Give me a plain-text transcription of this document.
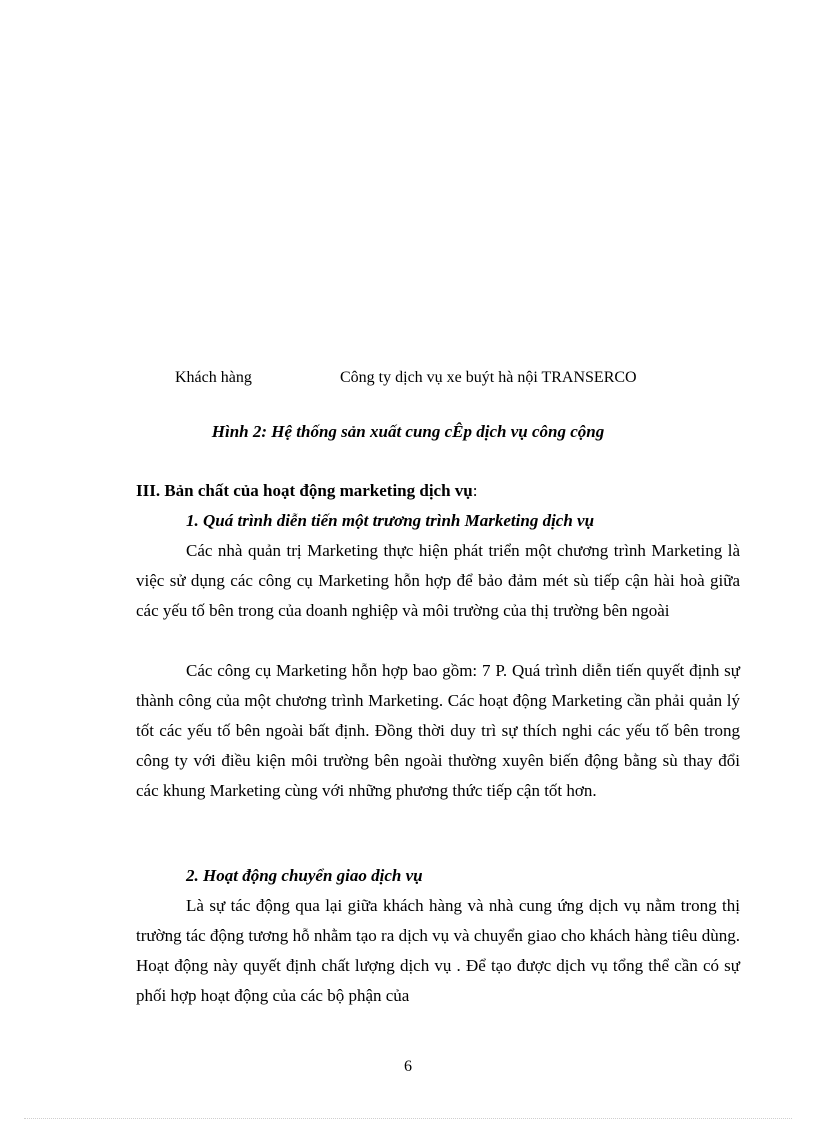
Khách hàng	Công ty dịch vụ xe buýt hà nội TRANSERCO
Hình 2: Hệ thống sản xuất cung cÊp dịch vụ công cộng
III. Bản chất của hoạt động marketing dịch vụ:
1. Quá trình diễn tiến một trương trình Marketing dịch vụ

Các nhà quản trị Marketing thực hiện phát triển một chương trình Marketing là việc sử dụng các công cụ Marketing hỗn hợp để bảo đảm mét sù tiếp cận hài hoà giữa các yếu tố bên trong của doanh nghiệp và môi trường của thị trường bên ngoài

Các công cụ Marketing hỗn hợp bao gồm: 7 P. Quá trình diễn tiến quyết định sự thành công của một chương trình Marketing. Các hoạt động Marketing cần phải quản lý tốt các yếu tố bên ngoài bất định. Đồng thời duy trì sự thích nghi các yếu tố bên trong công ty với điều kiện môi trường bên ngoài thường xuyên biến động bằng sù thay đổi các khung Marketing cùng với những phương thức tiếp cận tốt hơn.

2. Hoạt động chuyển giao dịch vụ

Là sự tác động qua lại giữa khách hàng và nhà cung ứng dịch vụ nằm trong thị trường tác động tương hỗ nhằm tạo ra dịch vụ và chuyển giao cho khách hàng tiêu dùng. Hoạt động này quyết định chất lượng dịch vụ . Để tạo được dịch vụ tổng thể cần có sự phối hợp hoạt động của các bộ phận của

6
